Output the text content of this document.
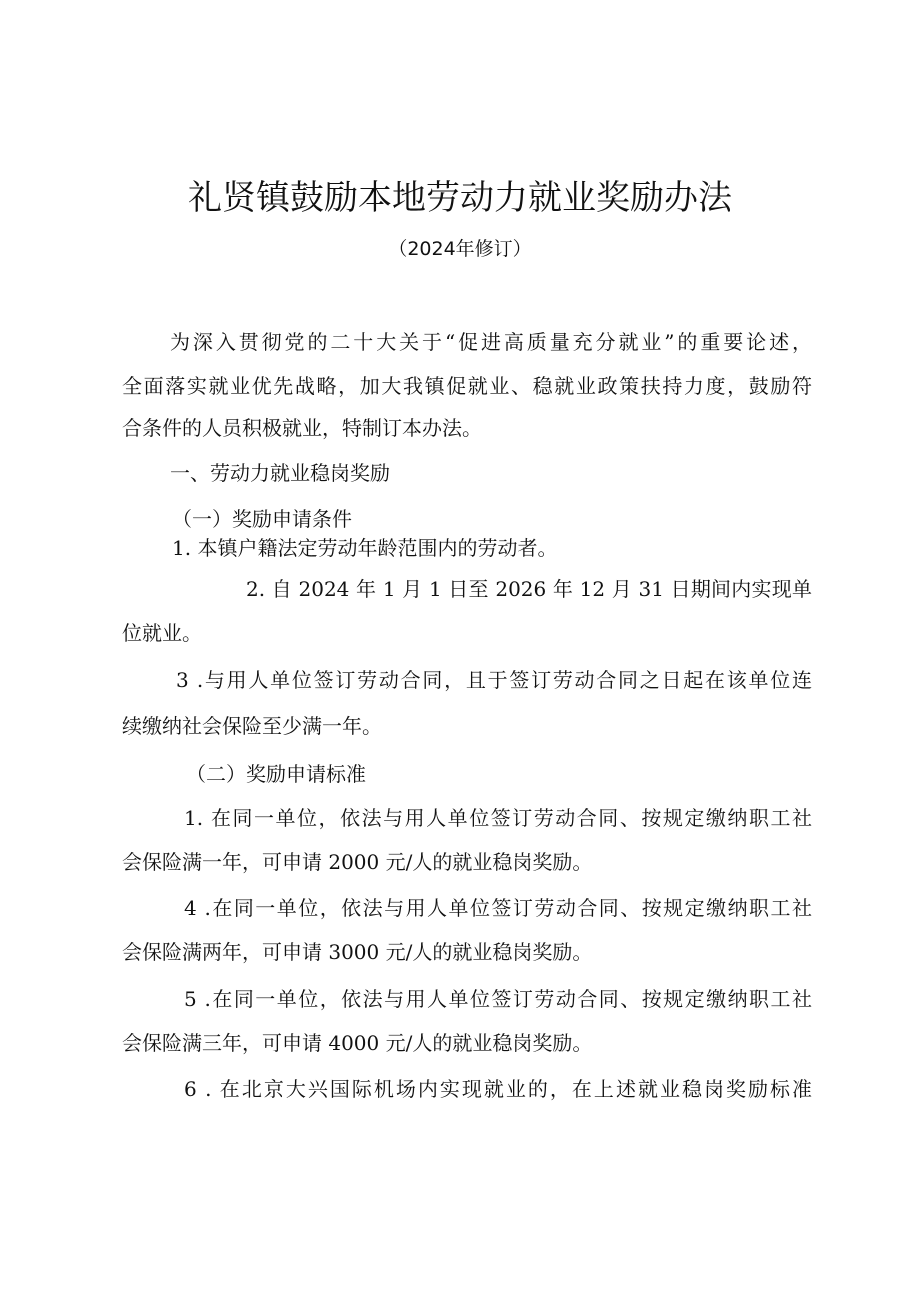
礼贤镇鼓励本地劳动力就业奖励办法
（2024年修订）
为深入贯彻党的二十大关于“促进高质量充分就业”的重要论述，
全面落实就业优先战略，加大我镇促就业、稳就业政策扶持力度，鼓励符
合条件的人员积极就业，特制订本办法。
一、劳动力就业稳岗奖励
（一）奖励申请条件
1. 本镇户籍法定劳动年龄范围内的劳动者。
2. 自 2024 年 1 月 1 日至 2026 年 12 月 31 日期间内实现单
位就业。
3 .与用人单位签订劳动合同，且于签订劳动合同之日起在该单位连
续缴纳社会保险至少满一年。
（二）奖励申请标准
1. 在同一单位，依法与用人单位签订劳动合同、按规定缴纳职工社
会保险满一年，可申请 2000 元/人的就业稳岗奖励。
4 .在同一单位，依法与用人单位签订劳动合同、按规定缴纳职工社
会保险满两年，可申请 3000 元/人的就业稳岗奖励。
5 .在同一单位，依法与用人单位签订劳动合同、按规定缴纳职工社
会保险满三年，可申请 4000 元/人的就业稳岗奖励。
6 . 在北京大兴国际机场内实现就业的，在上述就业稳岗奖励标准
